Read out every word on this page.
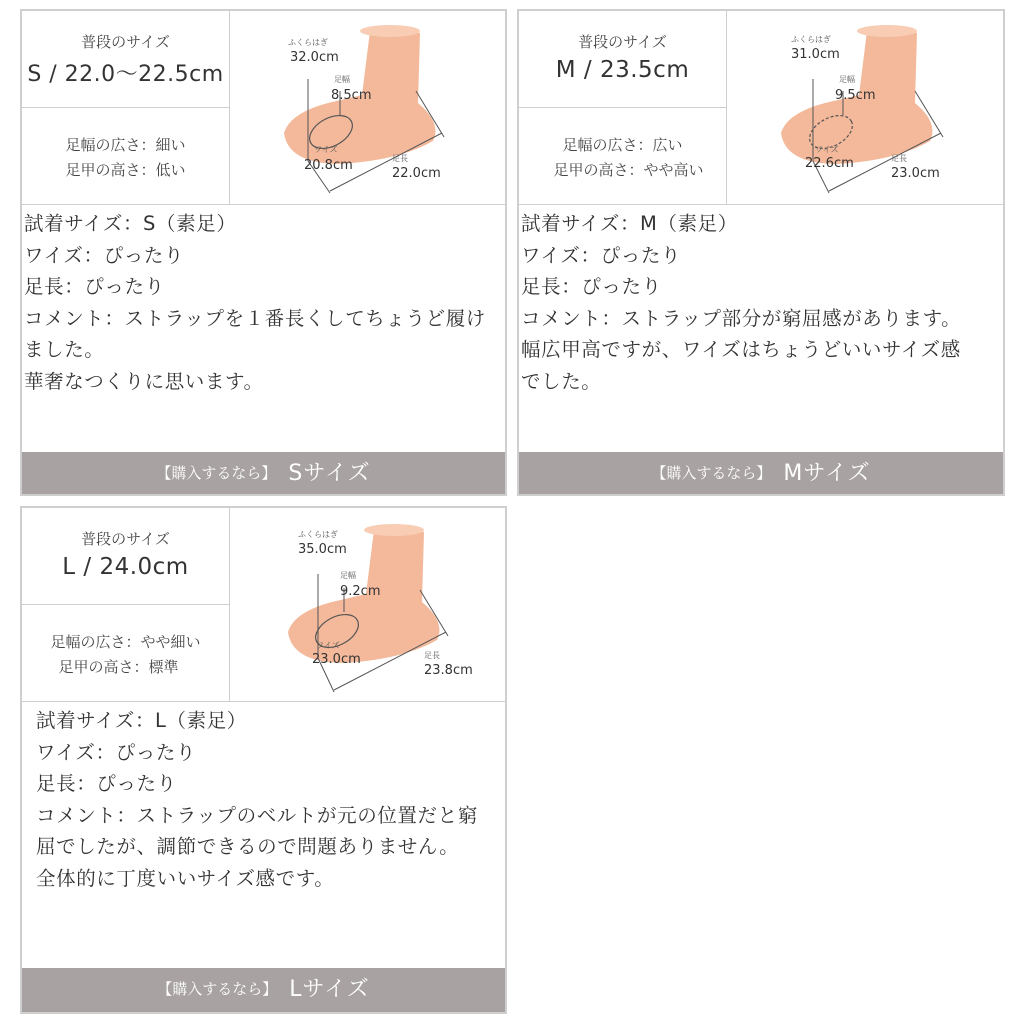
普段のサイズ
S / 22.0〜22.5cm
足幅の広さ：細い
足甲の高さ：低い
ふくらはぎ
32.0cm
足幅
8.5cm
ワイズ
20.8cm	足長
22.0cm
試着サイズ：S（素足）
ワイズ：ぴったり
足長：ぴったり
コメント：ストラップを１番長くしてちょうど履け
ました。
華奢なつくりに思います。
【購入するなら】 Sサイズ
普段のサイズ
M / 23.5cm
足幅の広さ：広い
足甲の高さ：やや高い
ふくらはぎ
31.0cm
足幅
9.5cm
ワイズ
22.6cm	足長
23.0cm
試着サイズ：M（素足）
ワイズ：ぴったり
足長：ぴったり
コメント：ストラップ部分が窮屈感があります。
幅広甲高ですが、ワイズはちょうどいいサイズ感
でした。
【購入するなら】 Mサイズ
普段のサイズ
L / 24.0cm
足幅の広さ：やや細い
足甲の高さ：標準
ふくらはぎ
35.0cm
足幅
9.2cm
ワイズ
23.0cm	足長
23.8cm
試着サイズ：L（素足）
ワイズ：ぴったり
足長：ぴったり
コメント：ストラップのベルトが元の位置だと窮
屈でしたが、調節できるので問題ありません。
全体的に丁度いいサイズ感です。
【購入するなら】 Lサイズ
